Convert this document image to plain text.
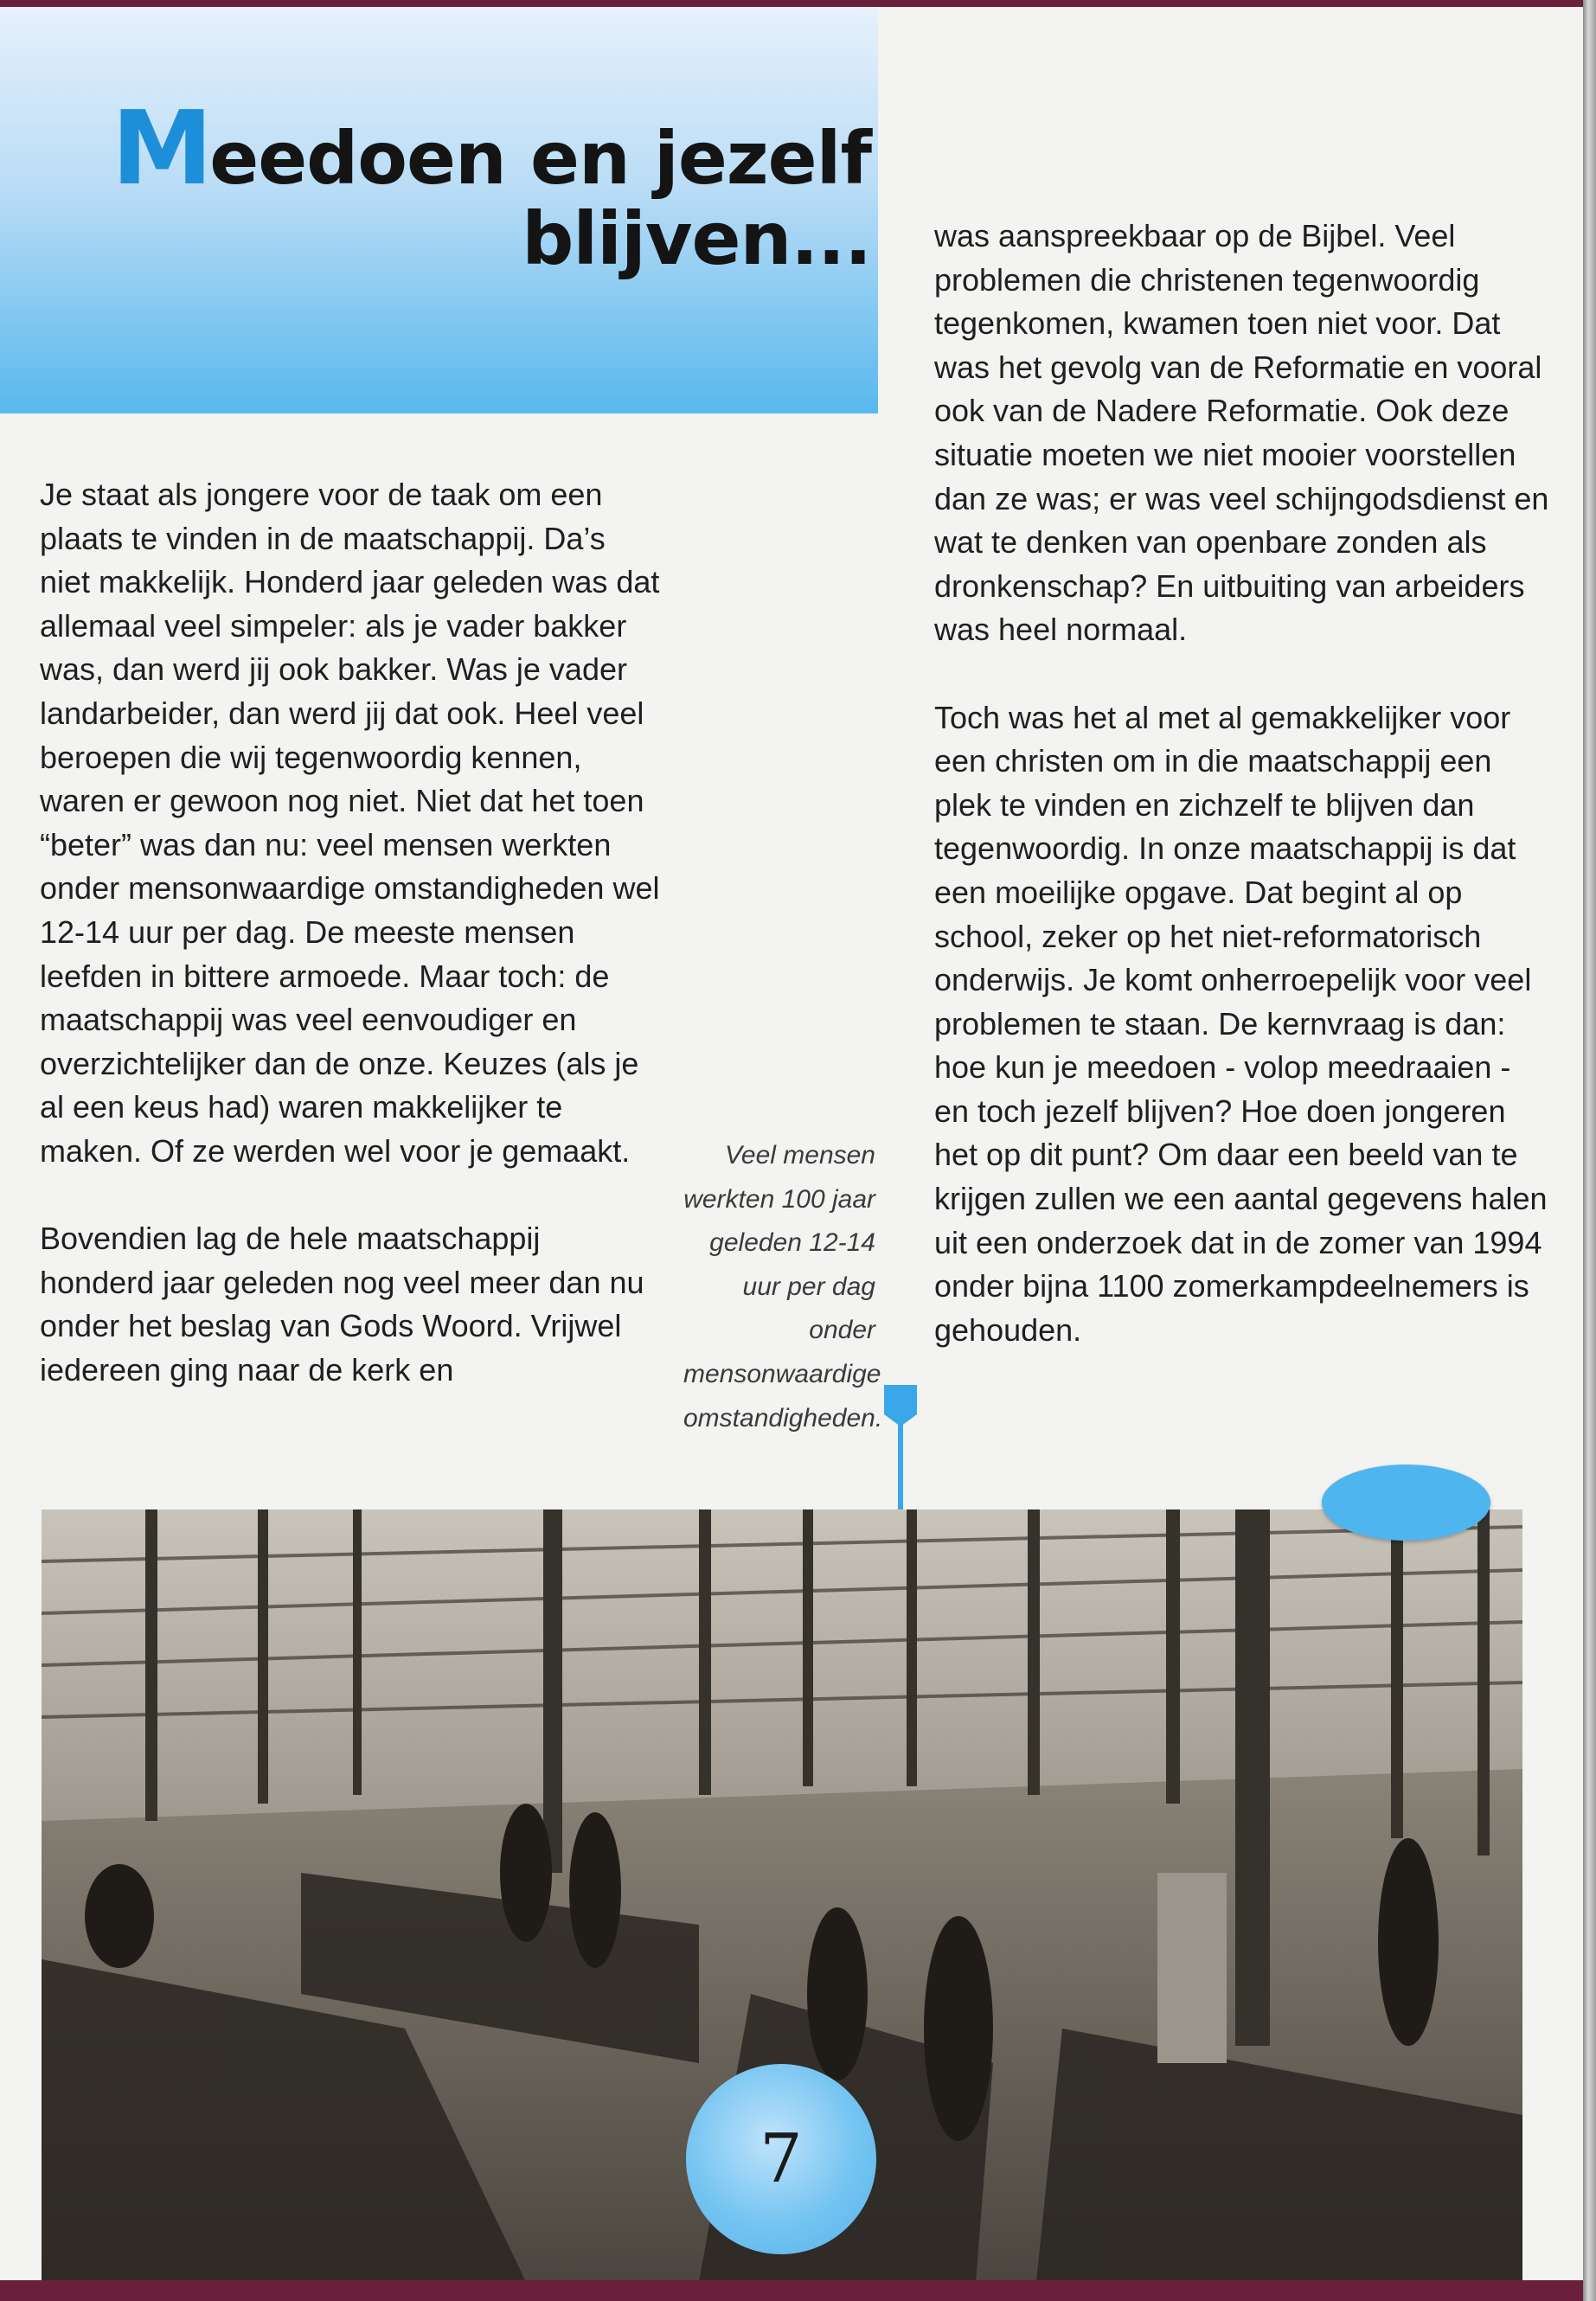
Meedoen en jezelf
blijven...

Je staat als jongere voor de taak om een plaats te vinden in de maatschappij. Da’s niet makkelijk. Honderd jaar geleden was dat allemaal veel simpeler: als je vader bakker was, dan werd jij ook bakker. Was je vader landarbeider, dan werd jij dat ook. Heel veel beroepen die wij tegenwoordig kennen, waren er gewoon nog niet. Niet dat het toen “beter” was dan nu: veel mensen werkten onder mensonwaardige omstandigheden wel 12-14 uur per dag. De meeste mensen leefden in bittere armoede. Maar toch: de maatschappij was veel eenvoudiger en overzichtelijker dan de onze. Keuzes (als je al een keus had) waren makkelijker te maken. Of ze werden wel voor je gemaakt.

Bovendien lag de hele maatschappij honderd jaar geleden nog veel meer dan nu onder het beslag van Gods Woord. Vrijwel iedereen ging naar de kerk en

Veel mensen werkten 100 jaar geleden 12-14 uur per dag onder mensonwaardige omstandigheden.

was aanspreekbaar op de Bijbel. Veel problemen die christenen tegenwoordig tegenkomen, kwamen toen niet voor. Dat was het gevolg van de Reformatie en vooral ook van de Nadere Reformatie. Ook deze situatie moeten we niet mooier voorstellen dan ze was; er was veel schijngodsdienst en wat te denken van openbare zonden als dronkenschap? En uitbuiting van arbeiders was heel normaal.

Toch was het al met al gemakkelijker voor een christen om in die maatschappij een plek te vinden en zichzelf te blijven dan tegenwoordig. In onze maatschappij is dat een moeilijke opgave. Dat begint al op school, zeker op het niet-reformatorisch onderwijs. Je komt onherroepelijk voor veel problemen te staan. De kernvraag is dan: hoe kun je meedoen - volop meedraaien - en toch jezelf blijven? Hoe doen jongeren het op dit punt? Om daar een beeld van te krijgen zullen we een aantal gegevens halen uit een onderzoek dat in de zomer van 1994 onder bijna 1100 zomerkampdeelnemers is gehouden.

7
